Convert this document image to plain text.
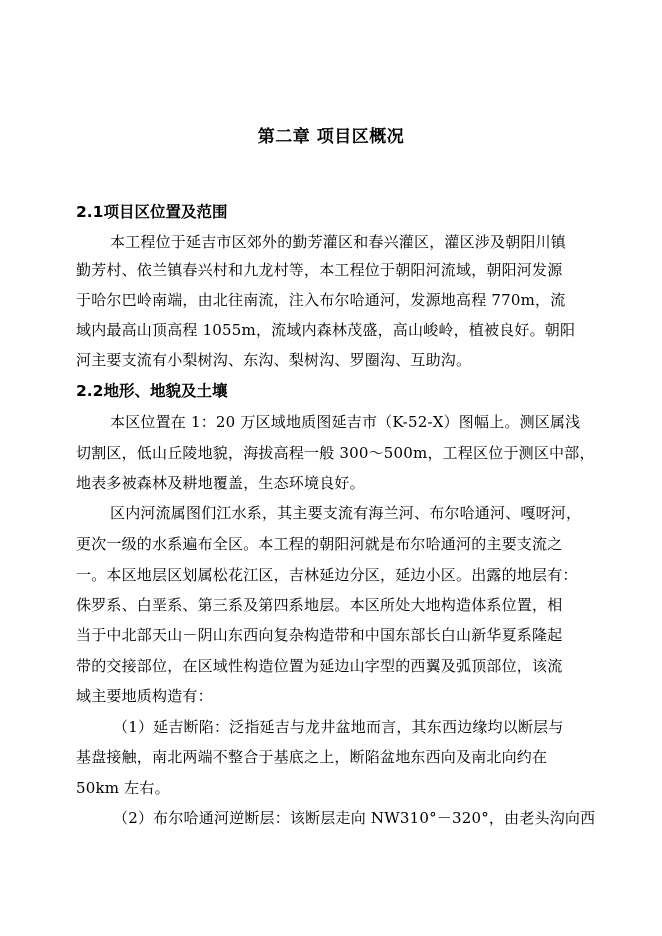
第二章 项目区概况
2.1项目区位置及范围
本工程位于延吉市区郊外的勤芳灌区和春兴灌区，灌区涉及朝阳川镇
勤芳村、依兰镇春兴村和九龙村等，本工程位于朝阳河流域，朝阳河发源
于哈尔巴岭南端，由北往南流，注入布尔哈通河，发源地高程 770m，流
域内最高山顶高程 1055m，流域内森林茂盛，高山峻岭，植被良好。朝阳
河主要支流有小梨树沟、东沟、梨树沟、罗圈沟、互助沟。
2.2地形、地貌及土壤
本区位置在 1：20 万区域地质图延吉市（K-52-Ⅹ）图幅上。测区属浅
切割区，低山丘陵地貌，海拔高程一般 300～500m，工程区位于测区中部，
地表多被森林及耕地覆盖，生态环境良好。
区内河流属图们江水系，其主要支流有海兰河、布尔哈通河、嘎呀河，
更次一级的水系遍布全区。本工程的朝阳河就是布尔哈通河的主要支流之
一。本区地层区划属松花江区，吉林延边分区，延边小区。出露的地层有：
侏罗系、白垩系、第三系及第四系地层。本区所处大地构造体系位置，相
当于中北部天山－阴山东西向复杂构造带和中国东部长白山新华夏系隆起
带的交接部位，在区域性构造位置为延边山字型的西翼及弧顶部位，该流
域主要地质构造有：
（1）延吉断陷：泛指延吉与龙井盆地而言，其东西边缘均以断层与
基盘接触，南北两端不整合于基底之上，断陷盆地东西向及南北向约在
50km 左右。
（2）布尔哈通河逆断层：该断层走向 NW310°－320°，由老头沟向西
